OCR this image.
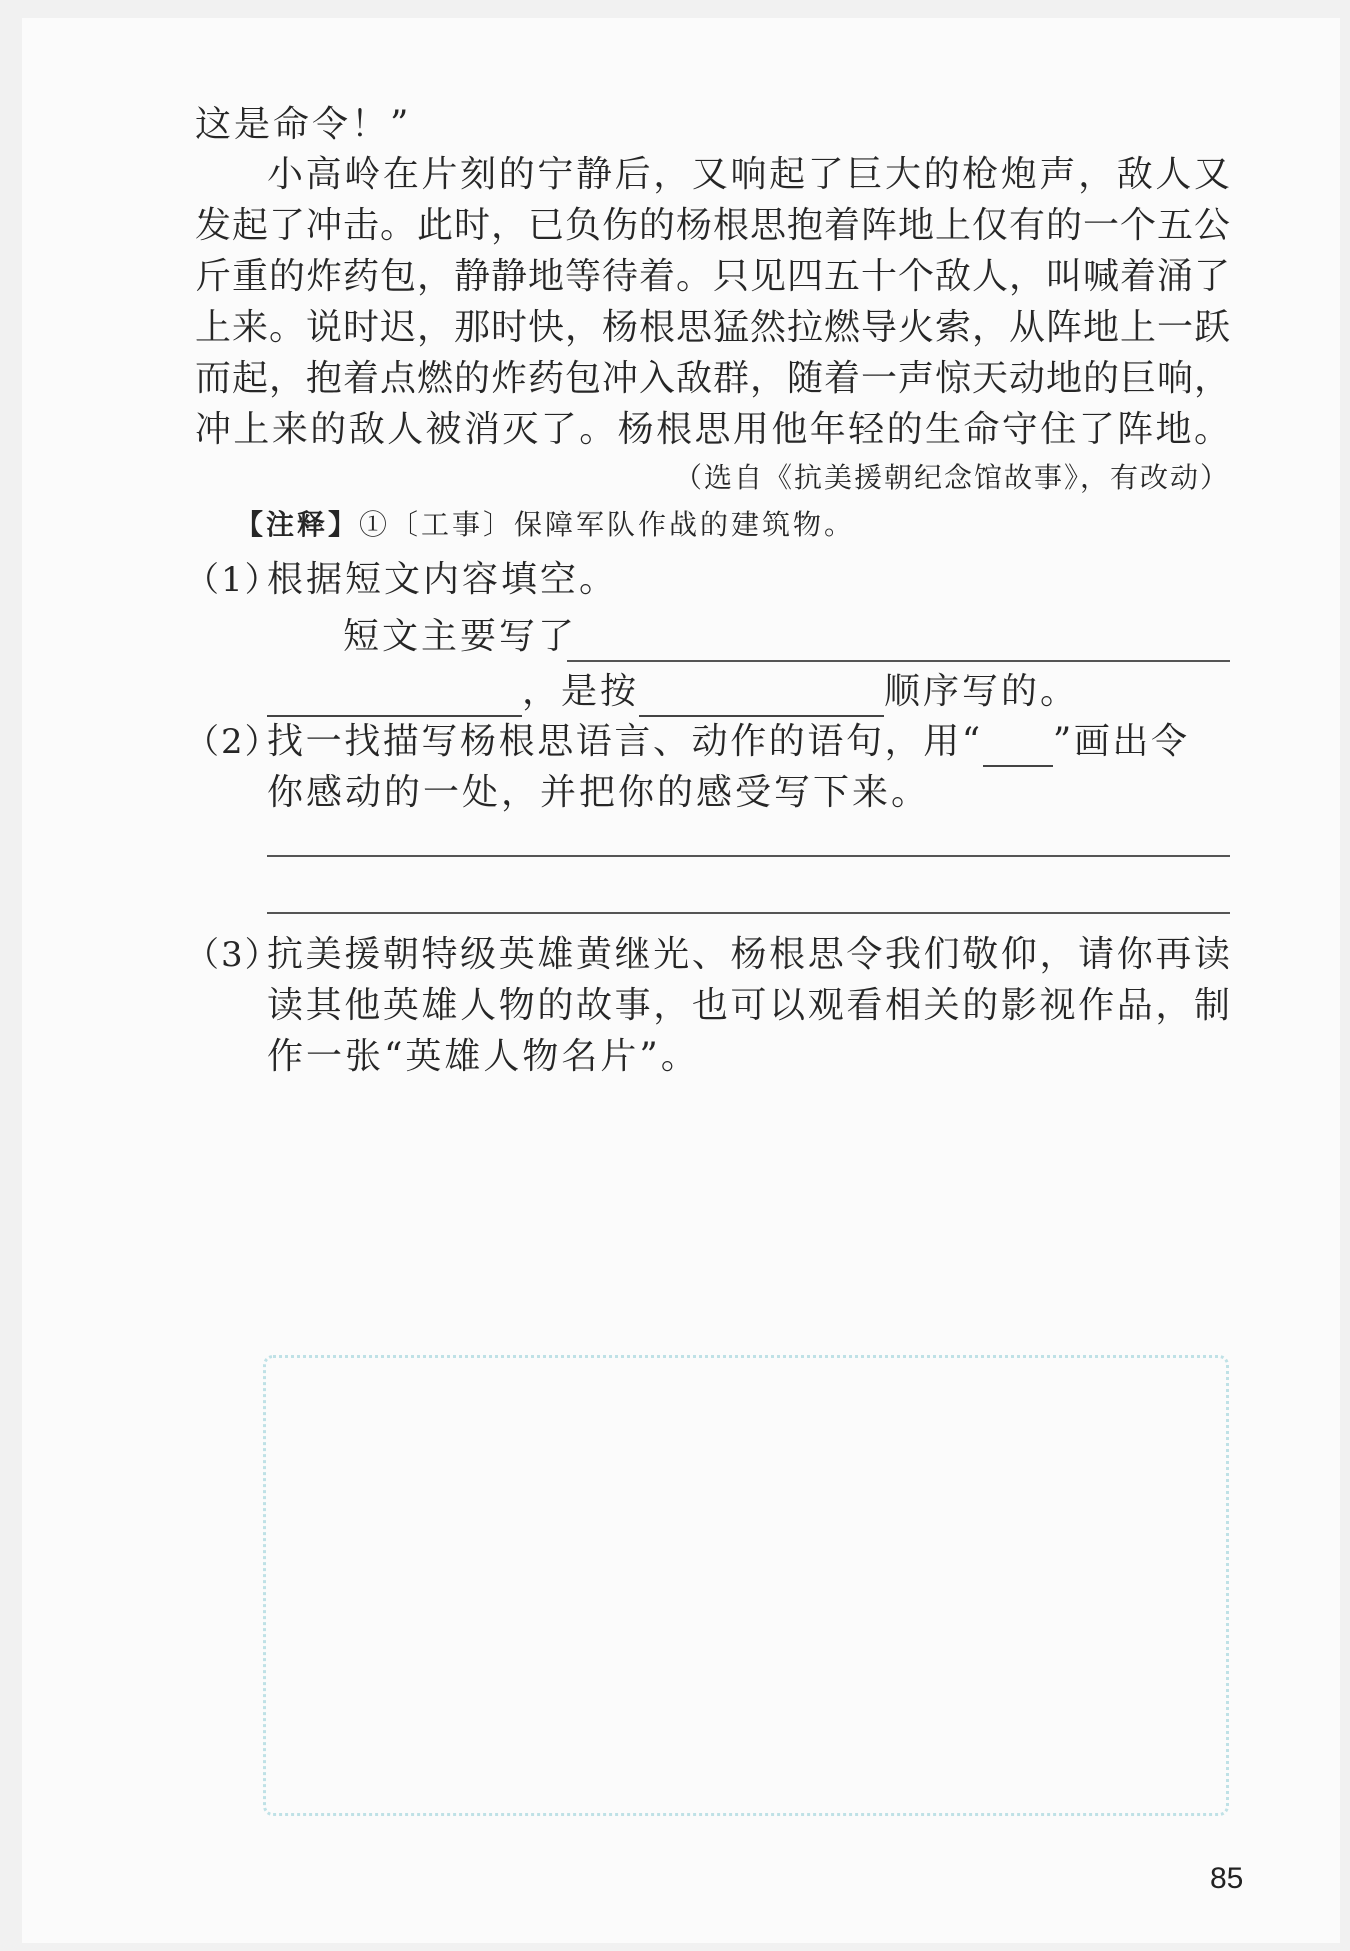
这是命令！”
小高岭在片刻的宁静后，又响起了巨大的枪炮声，敌人又
发起了冲击。此时，已负伤的杨根思抱着阵地上仅有的一个五公
斤重的炸药包，静静地等待着。只见四五十个敌人，叫喊着涌了
上来。说时迟，那时快，杨根思猛然拉燃导火索，从阵地上一跃
而起，抱着点燃的炸药包冲入敌群，随着一声惊天动地的巨响，
冲上来的敌人被消灭了。杨根思用他年轻的生命守住了阵地。
（选自《抗美援朝纪念馆故事》，有改动）
【注释】①〔工事〕保障军队作战的建筑物。
（1）
根据短文内容填空。
短文主要写了
，是按	顺序写的。
（2）
找一找描写杨根思语言、动作的语句，用“ ”画出令
你感动的一处，并把你的感受写下来。
（3）
抗美援朝特级英雄黄继光、杨根思令我们敬仰，请你再读
读其他英雄人物的故事，也可以观看相关的影视作品，制
作一张“英雄人物名片”。
85
